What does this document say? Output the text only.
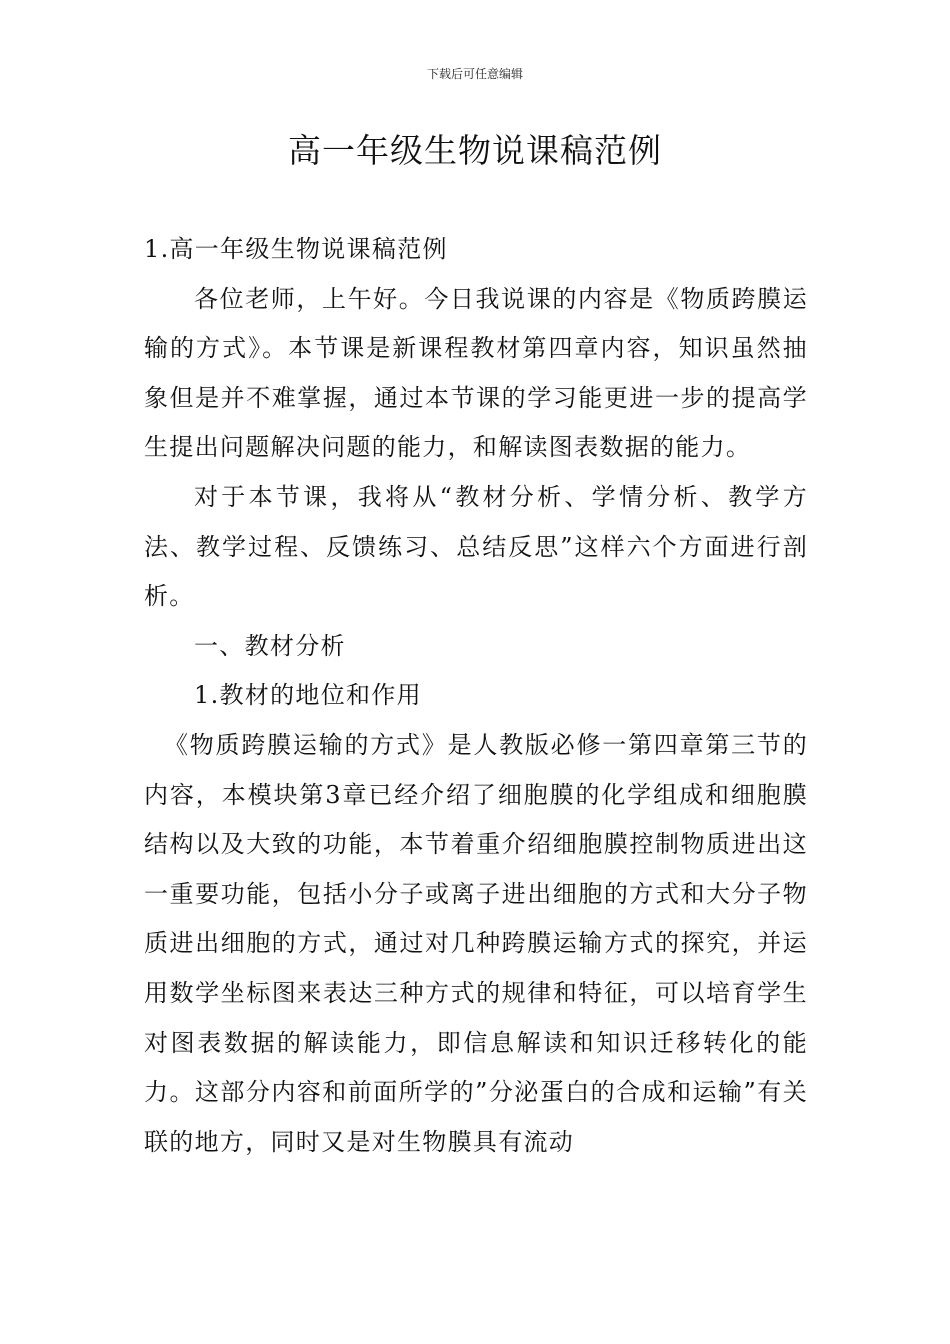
下载后可任意编辑
高一年级生物说课稿范例

1.高一年级生物说课稿范例

各位老师，上午好。今日我说课的内容是《物质跨膜运输的方式》。本节课是新课程教材第四章内容，知识虽然抽象但是并不难掌握，通过本节课的学习能更进一步的提高学生提出问题解决问题的能力，和解读图表数据的能力。

对于本节课，我将从“教材分析、学情分析、教学方法、教学过程、反馈练习、总结反思”这样六个方面进行剖析。

一、教材分析

1.教材的地位和作用

《物质跨膜运输的方式》是人教版必修一第四章第三节的内容，本模块第3章已经介绍了细胞膜的化学组成和细胞膜结构以及大致的功能，本节着重介绍细胞膜控制物质进出这一重要功能，包括小分子或离子进出细胞的方式和大分子物质进出细胞的方式，通过对几种跨膜运输方式的探究，并运用数学坐标图来表达三种方式的规律和特征，可以培育学生对图表数据的解读能力，即信息解读和知识迁移转化的能力。这部分内容和前面所学的”分泌蛋白的合成和运输”有关联的地方，同时又是对生物膜具有流动
